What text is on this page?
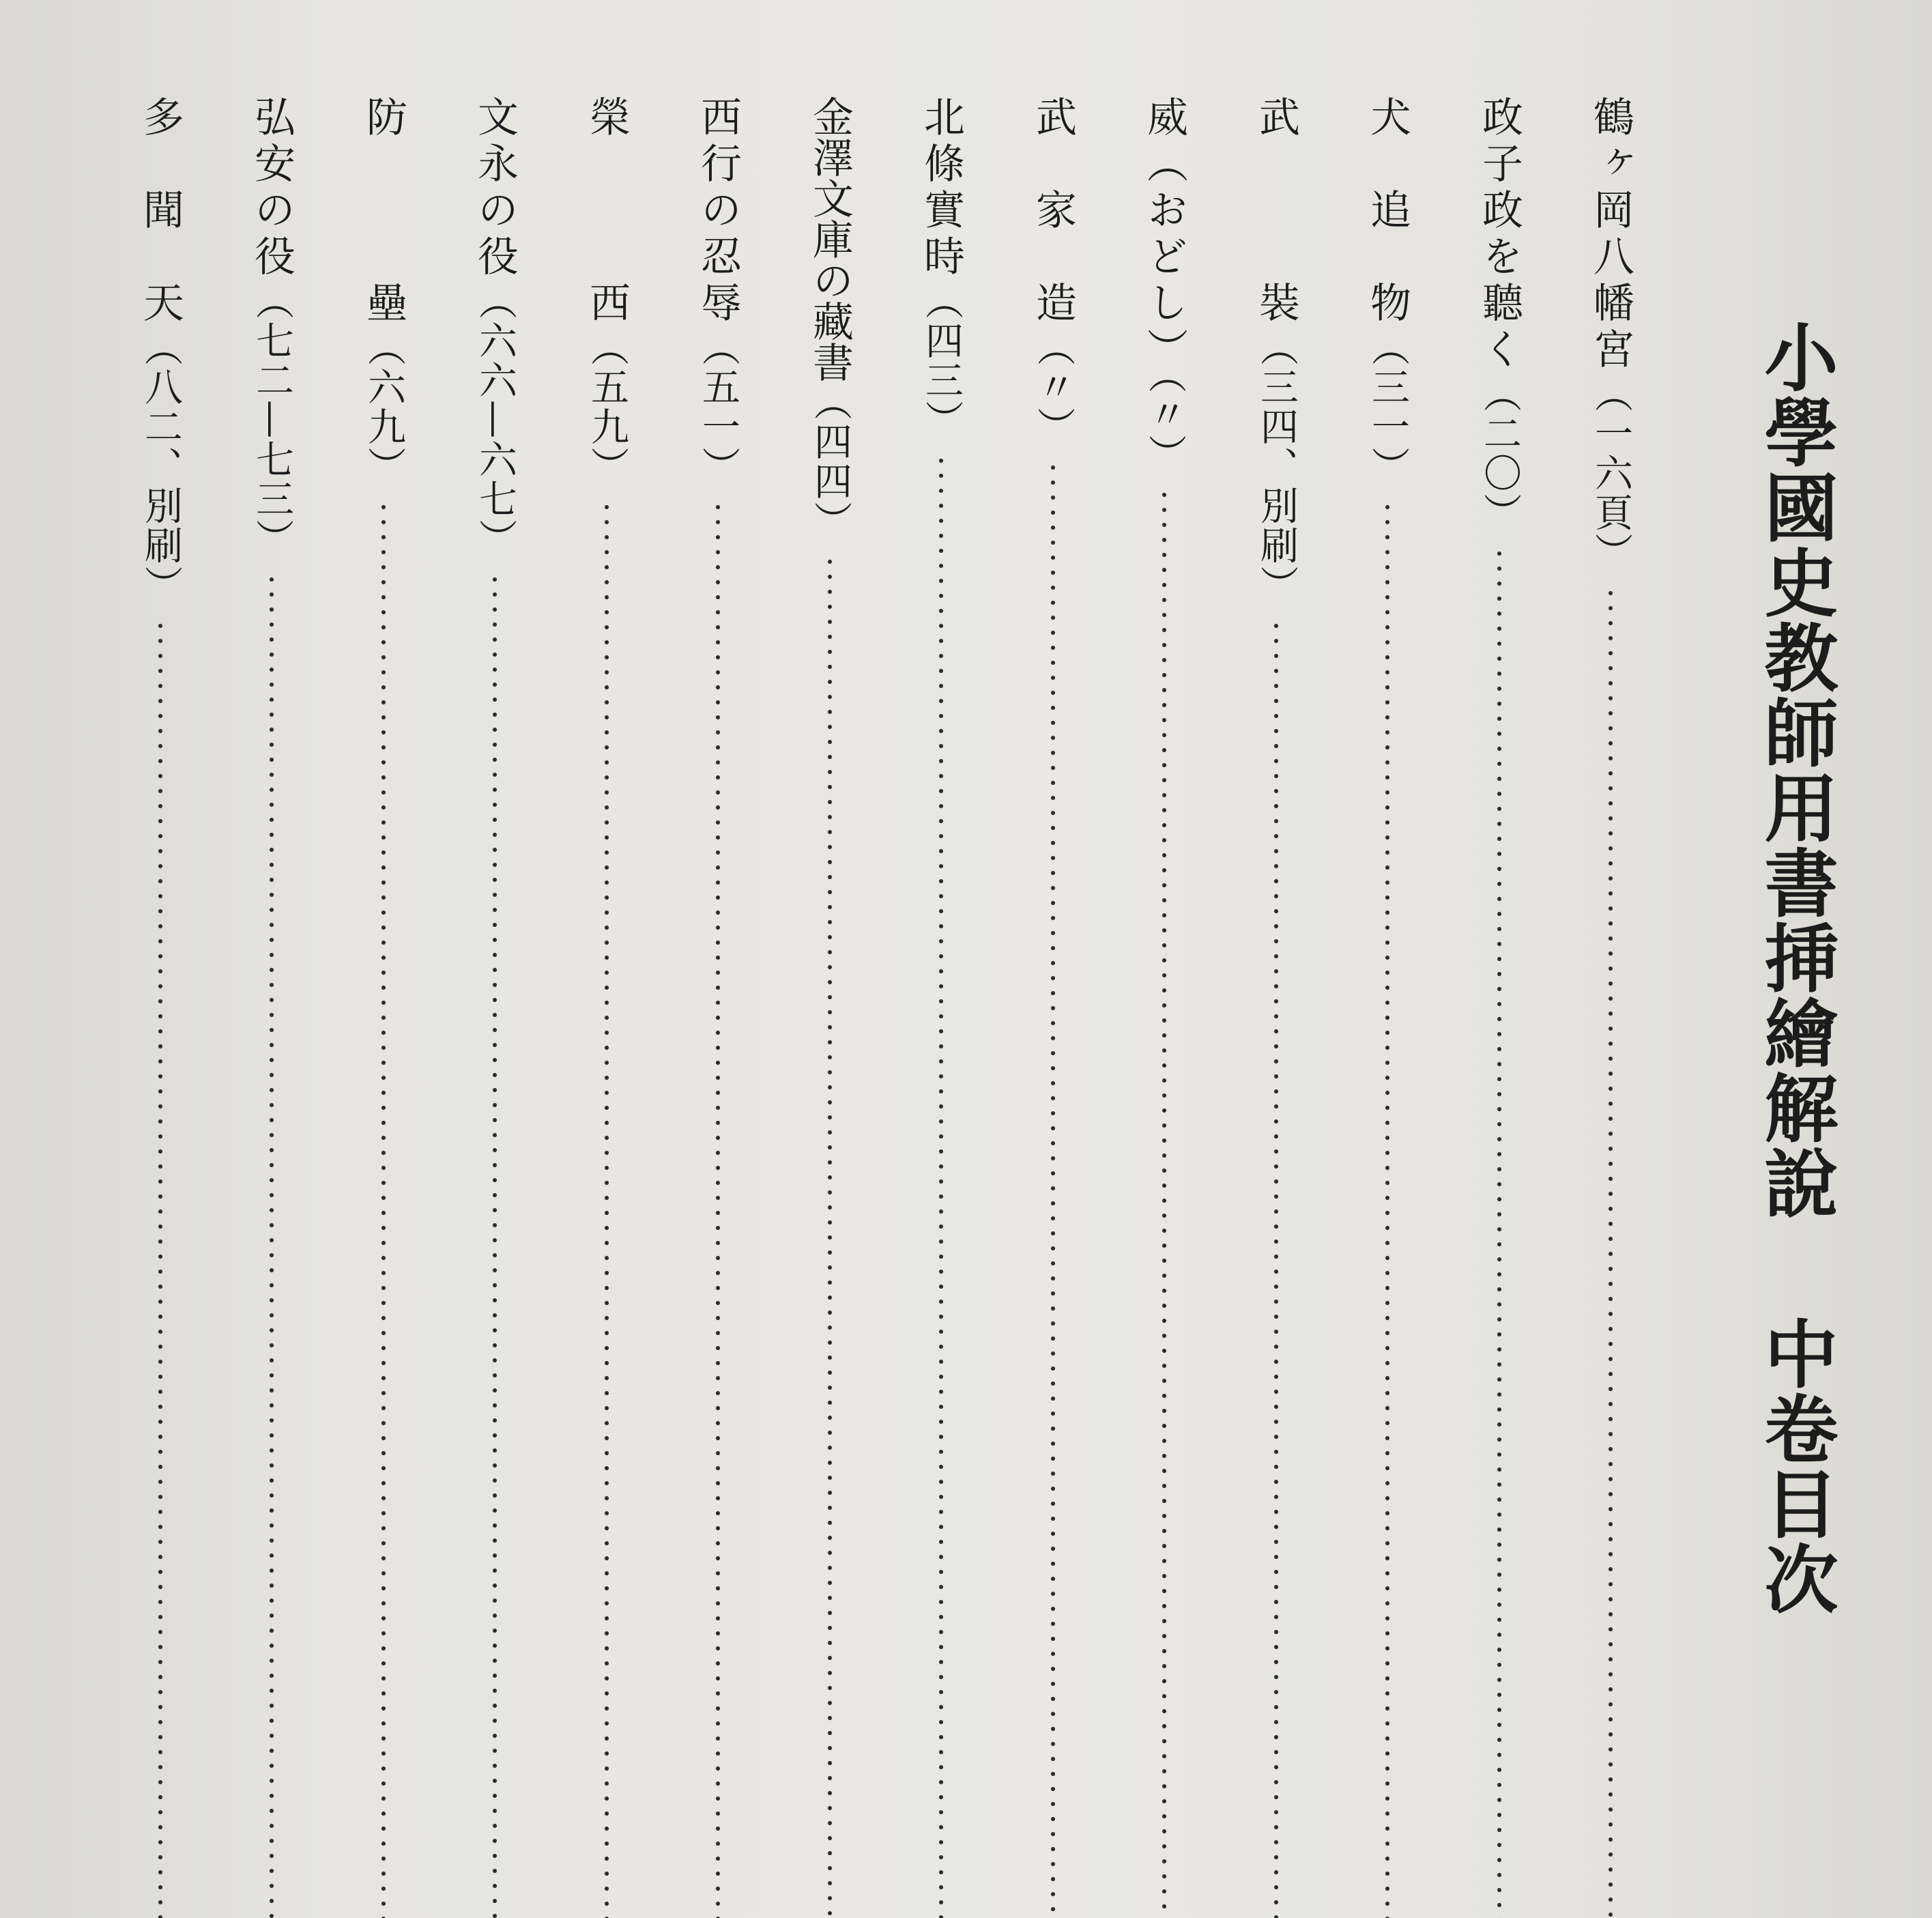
小學國史教師用書挿繪解說中卷目次
鶴ヶ岡八幡宮（一六頁）
政子政を聽く（二〇）
犬　追　物（三一）
武　　　裝（三四、別刷）
威（おどし）（〃）
武　家　造（〃）
北條實時（四三）
金澤文庫の藏書（四四）
西行の忍辱（五一）
榮　　　西（五九）
文永の役（六六—六七）
防　　　壘（六九）
弘安の役（七二—七三）
多　聞　天（八二、別刷）
